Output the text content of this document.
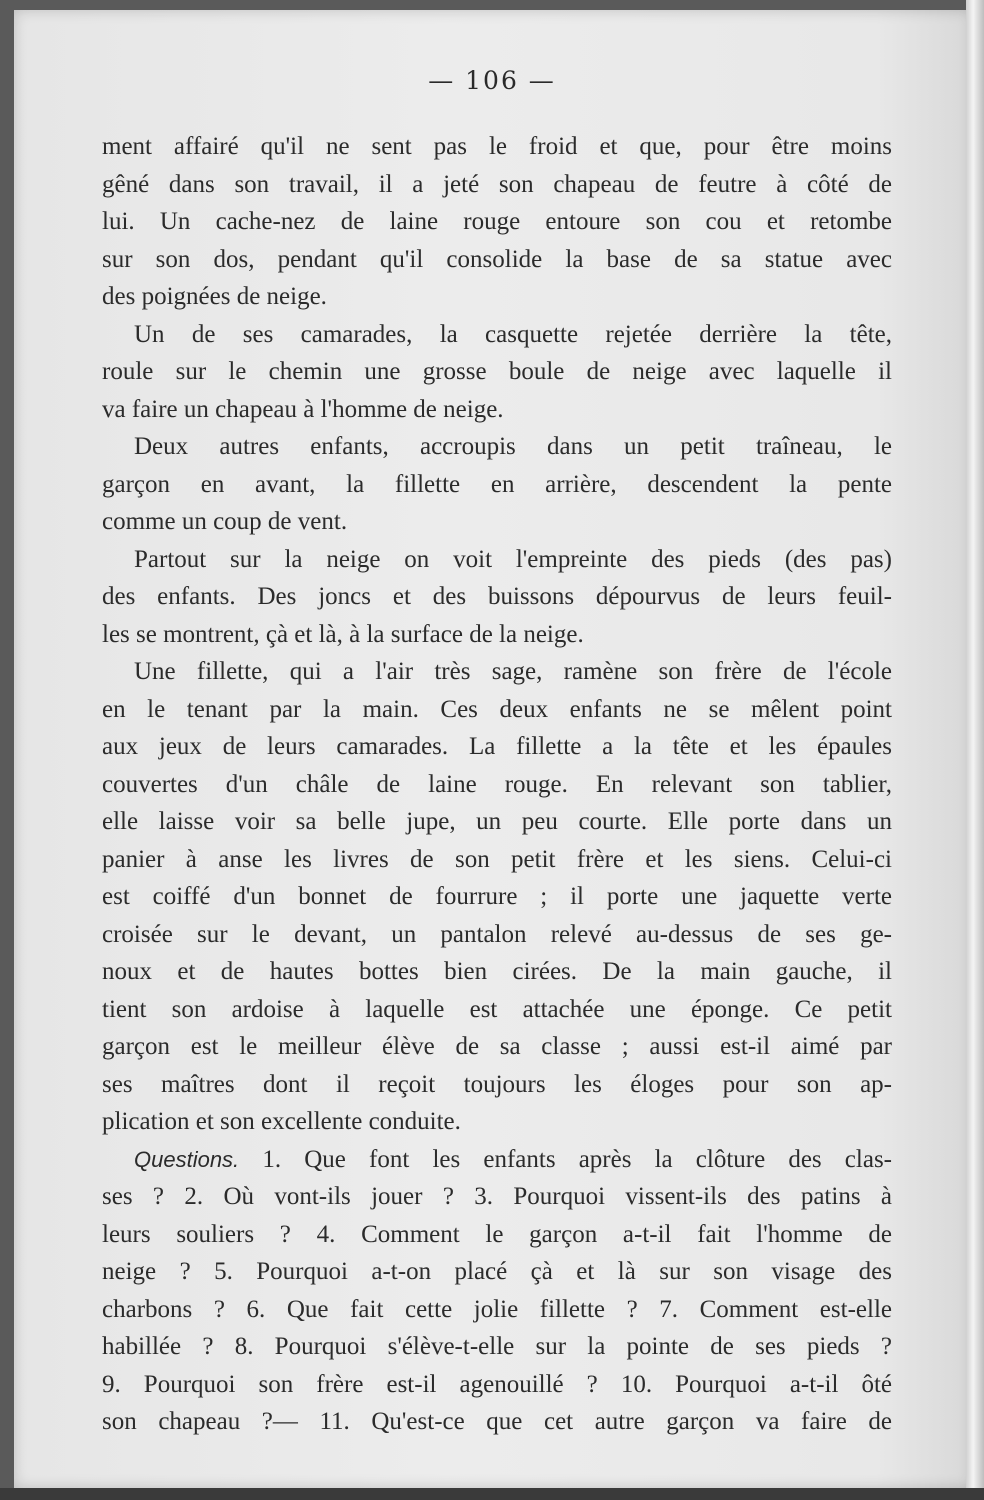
— 106 —
ment affairé qu'il ne sent pas le froid et que, pour être moins
gêné dans son travail, il a jeté son chapeau de feutre à côté de
lui. Un cache-nez de laine rouge entoure son cou et retombe
sur son dos, pendant qu'il consolide la base de sa statue avec
des poignées de neige.
Un de ses camarades, la casquette rejetée derrière la tête,
roule sur le chemin une grosse boule de neige avec laquelle il
va faire un chapeau à l'homme de neige.
Deux autres enfants, accroupis dans un petit traîneau, le
garçon en avant, la fillette en arrière, descendent la pente
comme un coup de vent.
Partout sur la neige on voit l'empreinte des pieds (des pas)
des enfants. Des joncs et des buissons dépourvus de leurs feuil-
les se montrent, çà et là, à la surface de la neige.
Une fillette, qui a l'air très sage, ramène son frère de l'école
en le tenant par la main. Ces deux enfants ne se mêlent point
aux jeux de leurs camarades. La fillette a la tête et les épaules
couvertes d'un châle de laine rouge. En relevant son tablier,
elle laisse voir sa belle jupe, un peu courte. Elle porte dans un
panier à anse les livres de son petit frère et les siens. Celui-ci
est coiffé d'un bonnet de fourrure ; il porte une jaquette verte
croisée sur le devant, un pantalon relevé au-dessus de ses ge-
noux et de hautes bottes bien cirées. De la main gauche, il
tient son ardoise à laquelle est attachée une éponge. Ce petit
garçon est le meilleur élève de sa classe ; aussi est-il aimé par
ses maîtres dont il reçoit toujours les éloges pour son ap-
plication et son excellente conduite.
Questions. 1. Que font les enfants après la clôture des clas-
ses ? 2. Où vont-ils jouer ? 3. Pourquoi vissent-ils des patins à
leurs souliers ? 4. Comment le garçon a-t-il fait l'homme de
neige ? 5. Pourquoi a-t-on placé çà et là sur son visage des
charbons ? 6. Que fait cette jolie fillette ? 7. Comment est-elle
habillée ? 8. Pourquoi s'élève-t-elle sur la pointe de ses pieds ?
9. Pourquoi son frère est-il agenouillé ? 10. Pourquoi a-t-il ôté
son chapeau ?— 11. Qu'est-ce que cet autre garçon va faire de
